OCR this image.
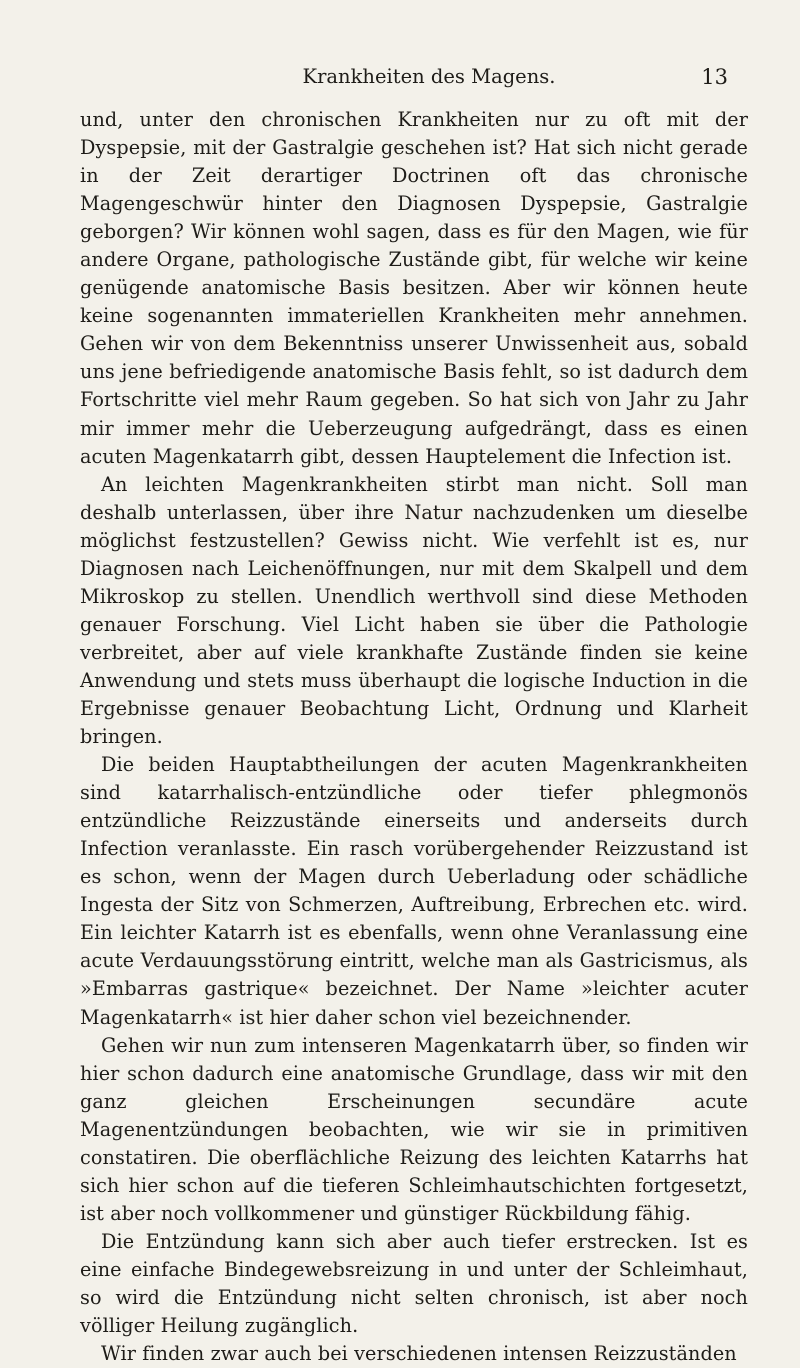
Krankheiten des Magens.	13

und, unter den chronischen Krankheiten nur zu oft mit der Dyspepsie, mit der Gastralgie geschehen ist? Hat sich nicht gerade in der Zeit derartiger Doctrinen oft das chronische Magengeschwür hinter den Diagnosen Dyspepsie, Gastralgie geborgen? Wir können wohl sagen, dass es für den Magen, wie für andere Organe, pathologische Zustände gibt, für welche wir keine genügende anatomische Basis besitzen. Aber wir können heute keine sogenannten immateriellen Krankheiten mehr annehmen. Gehen wir von dem Bekenntniss unserer Unwissenheit aus, sobald uns jene befriedigende anatomische Basis fehlt, so ist dadurch dem Fortschritte viel mehr Raum gegeben. So hat sich von Jahr zu Jahr mir immer mehr die Ueberzeugung aufgedrängt, dass es einen acuten Magenkatarrh gibt, dessen Hauptelement die Infection ist.

An leichten Magenkrankheiten stirbt man nicht. Soll man deshalb unterlassen, über ihre Natur nachzudenken um dieselbe möglichst festzustellen? Gewiss nicht. Wie verfehlt ist es, nur Diagnosen nach Leichenöffnungen, nur mit dem Skalpell und dem Mikroskop zu stellen. Unendlich werthvoll sind diese Methoden genauer Forschung. Viel Licht haben sie über die Pathologie verbreitet, aber auf viele krankhafte Zustände finden sie keine Anwendung und stets muss überhaupt die logische Induction in die Ergebnisse genauer Beobachtung Licht, Ordnung und Klarheit bringen.

Die beiden Hauptabtheilungen der acuten Magenkrankheiten sind katarrhalisch-entzündliche oder tiefer phlegmonös entzündliche Reizzustände einerseits und anderseits durch Infection veranlasste. Ein rasch vorübergehender Reizzustand ist es schon, wenn der Magen durch Ueberladung oder schädliche Ingesta der Sitz von Schmerzen, Auftreibung, Erbrechen etc. wird. Ein leichter Katarrh ist es ebenfalls, wenn ohne Veranlassung eine acute Verdauungsstörung eintritt, welche man als Gastricismus, als »Embarras gastrique« bezeichnet. Der Name »leichter acuter Magenkatarrh« ist hier daher schon viel bezeichnender.

Gehen wir nun zum intenseren Magenkatarrh über, so finden wir hier schon dadurch eine anatomische Grundlage, dass wir mit den ganz gleichen Erscheinungen secundäre acute Magenentzündungen beobachten, wie wir sie in primitiven constatiren. Die oberflächliche Reizung des leichten Katarrhs hat sich hier schon auf die tieferen Schleimhautschichten fortgesetzt, ist aber noch vollkommener und günstiger Rückbildung fähig.

Die Entzündung kann sich aber auch tiefer erstrecken. Ist es eine einfache Bindegewebsreizung in und unter der Schleimhaut, so wird die Entzündung nicht selten chronisch, ist aber noch völliger Heilung zugänglich.

Wir finden zwar auch bei verschiedenen intensen Reizzuständen
